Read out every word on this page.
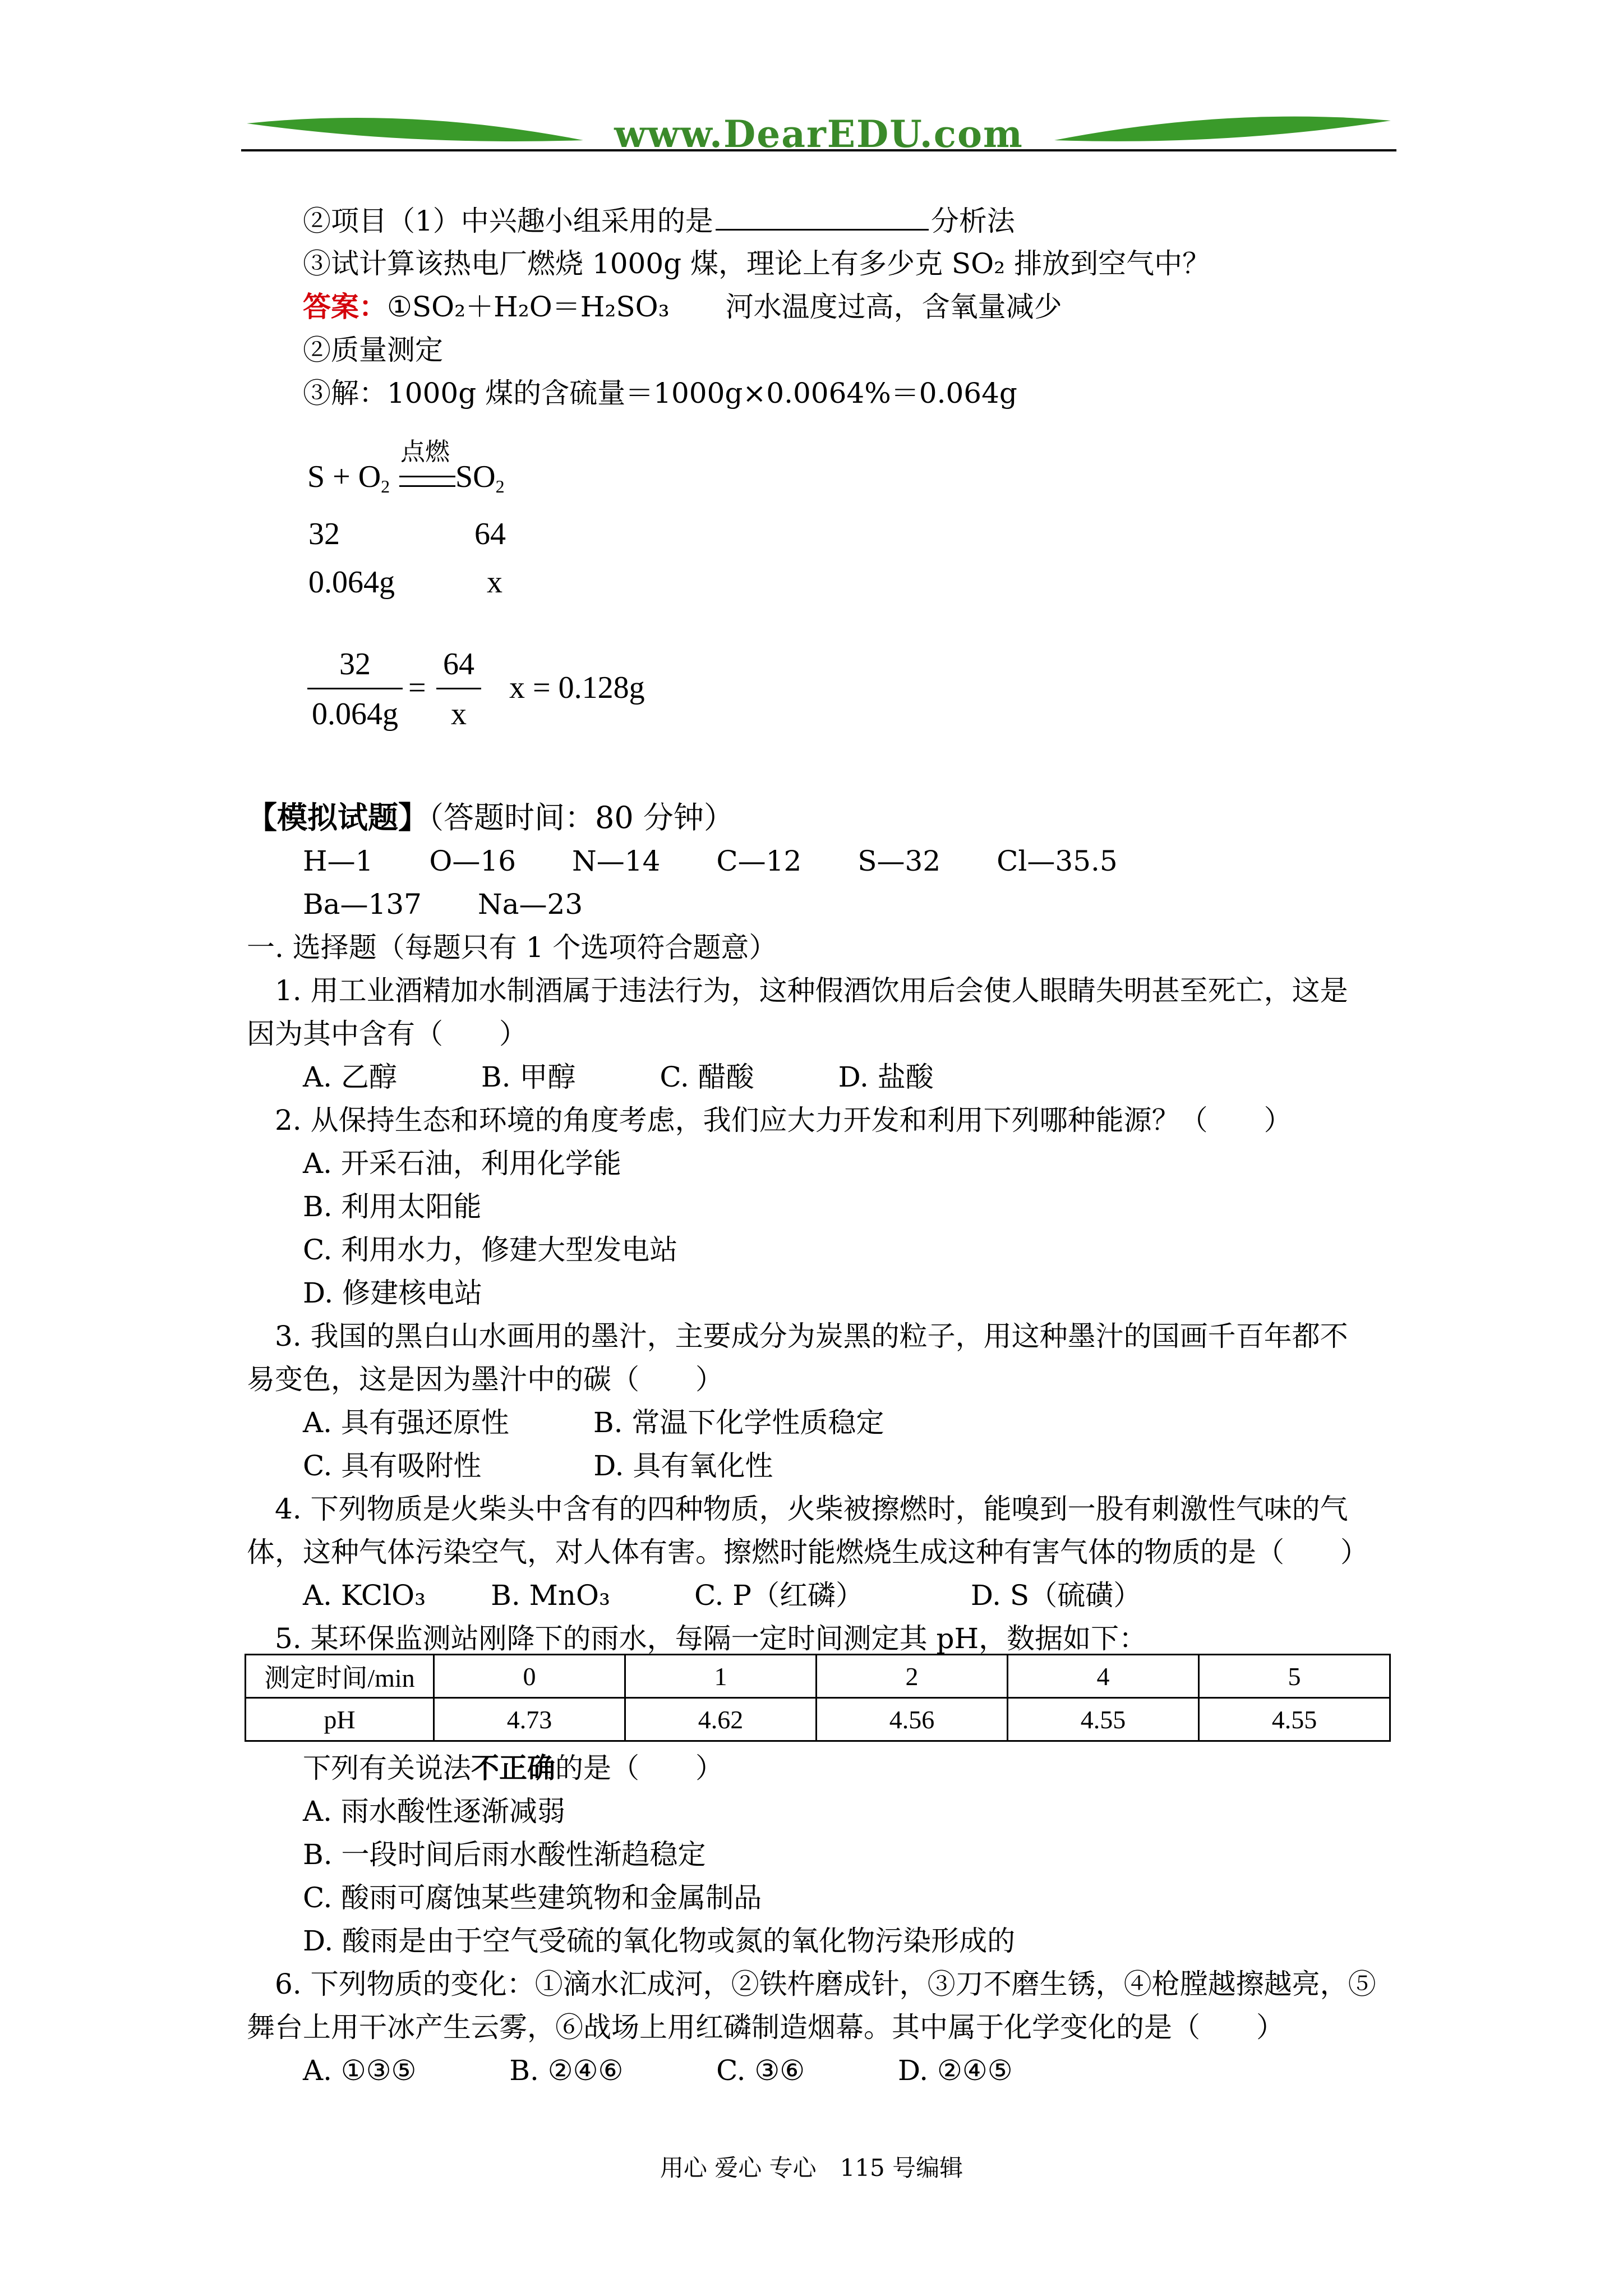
www.DearEDU.com
②项目（1）中兴趣小组采用的是	分析法
③试计算该热电厂燃烧 1000g 煤，理论上有多少克 SO₂ 排放到空气中？
答案：①SO₂＋H₂O＝H₂SO₃　　河水温度过高，含氧量减少
②质量测定
③解：1000g 煤的含硫量＝1000g×0.0064%＝0.064g
$S + O_2$
点燃
$SO_2$
32	64
0.064g	x
32
0.064g
=
64
x
x = 0.128g
【模拟试题】（答题时间：80 分钟）
H—1　　O—16　　N—14　　C—12　　S—32　　Cl—35.5
Ba—137　　Na—23
一. 选择题（每题只有 1 个选项符合题意）
1. 用工业酒精加水制酒属于违法行为，这种假酒饮用后会使人眼睛失明甚至死亡，这是
因为其中含有（　　）
A. 乙醇　　　B. 甲醇　　　C. 醋酸　　　D. 盐酸
2. 从保持生态和环境的角度考虑，我们应大力开发和利用下列哪种能源？（　　）
A. 开采石油，利用化学能
B. 利用太阳能
C. 利用水力，修建大型发电站
D. 修建核电站
3. 我国的黑白山水画用的墨汁，主要成分为炭黑的粒子，用这种墨汁的国画千百年都不
易变色，这是因为墨汁中的碳（　　）
A. 具有强还原性　　　B. 常温下化学性质稳定
C. 具有吸附性　　　　D. 具有氧化性
4. 下列物质是火柴头中含有的四种物质，火柴被擦燃时，能嗅到一股有刺激性气味的气
体，这种气体污染空气，对人体有害。擦燃时能燃烧生成这种有害气体的物质的是（　　）
A. KClO₃　　 B. MnO₃　　　C. P（红磷）　　　　 D. S（硫磺）
5. 某环保监测站刚降下的雨水，每隔一定时间测定其 pH，数据如下：
测定时间/min	0	1	2	4	5
pH	4.73	4.62	4.56	4.55	4.55
下列有关说法不正确的是（　　）
A. 雨水酸性逐渐减弱
B. 一段时间后雨水酸性渐趋稳定
C. 酸雨可腐蚀某些建筑物和金属制品
D. 酸雨是由于空气受硫的氧化物或氮的氧化物污染形成的
6. 下列物质的变化：①滴水汇成河，②铁杵磨成针，③刀不磨生锈，④枪膛越擦越亮，⑤
舞台上用干冰产生云雾，⑥战场上用红磷制造烟幕。其中属于化学变化的是（　　）
A. ①③⑤　　　 B. ②④⑥　　　 C. ③⑥　　　 D. ②④⑤
用心 爱心 专心　115 号编辑
